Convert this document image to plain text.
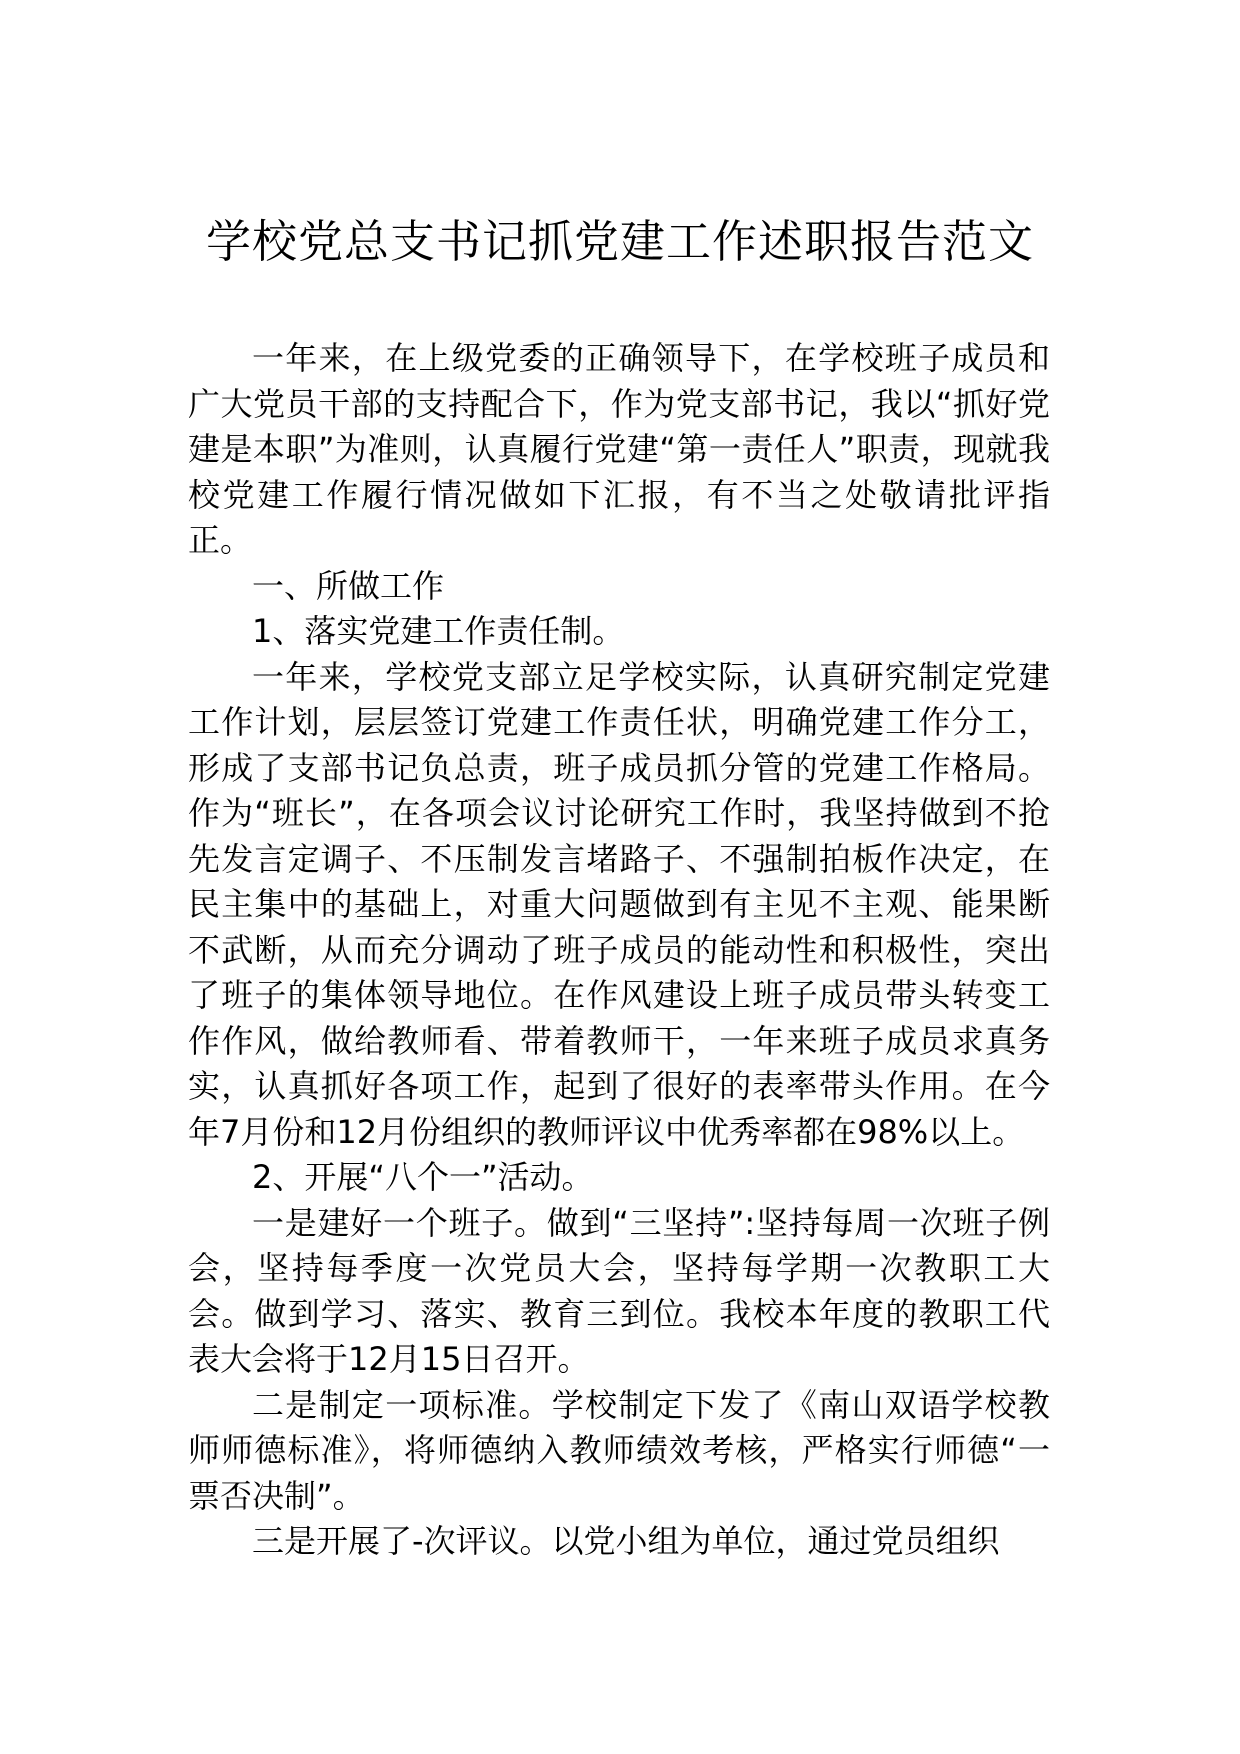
学校党总支书记抓党建工作述职报告范文

一年来，在上级党委的正确领导下，在学校班子成员和广大党员干部的支持配合下，作为党支部书记，我以“抓好党建是本职”为准则，认真履行党建“第一责任人”职责，现就我校党建工作履行情况做如下汇报，有不当之处敬请批评指正。

一、所做工作

1、落实党建工作责任制。

一年来，学校党支部立足学校实际，认真研究制定党建工作计划，层层签订党建工作责任状，明确党建工作分工，形成了支部书记负总责，班子成员抓分管的党建工作格局。作为“班长”，在各项会议讨论研究工作时，我坚持做到不抢先发言定调子、不压制发言堵路子、不强制拍板作决定，在民主集中的基础上，对重大问题做到有主见不主观、能果断不武断，从而充分调动了班子成员的能动性和积极性，突出了班子的集体领导地位。在作风建设上班子成员带头转变工作作风，做给教师看、带着教师干，一年来班子成员求真务实，认真抓好各项工作，起到了很好的表率带头作用。在今年7月份和12月份组织的教师评议中优秀率都在98%以上。

2、开展“八个一”活动。

一是建好一个班子。做到“三坚持”:坚持每周一次班子例会，坚持每季度一次党员大会，坚持每学期一次教职工大会。做到学习、落实、教育三到位。我校本年度的教职工代表大会将于12月15日召开。

二是制定一项标准。学校制定下发了《南山双语学校教师师德标准》，将师德纳入教师绩效考核，严格实行师德“一票否决制”。

三是开展了-次评议。以党小组为单位，通过党员组织
